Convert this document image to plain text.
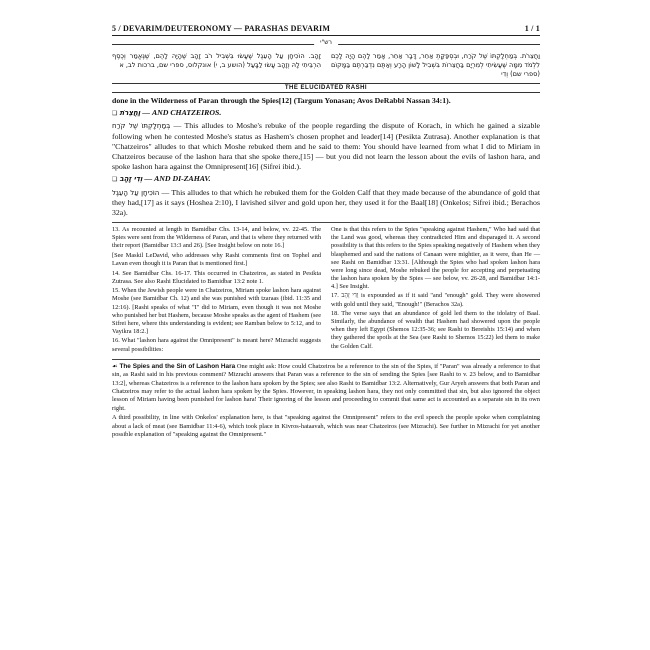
5 / DEVARIM/DEUTERONOMY — PARASHAS DEVARIM	1 / 1
רש"י

וַחֲצֵרֹת. בְּמַחְלָקְתּוֹ שֶׁל קֹרַח, וּבְסְפַּקָּתְ אַחֵר, דָּבָר אַחֵר, אָמַר לָהֶם הָיָה לָכֶם לִלְמֹד מִמָּה שֶּׁעָשִׂיתִי לְמִרְיָם בַּחֲצֵרוֹת בִּשְׁבִיל לָשׁוֹן הָרָע וְאַתֶּם נִדְבַּרְתֶּם בַּמָּקוֹם (ספרי שם) וְדִי

זָהָב. הוֹכִיחָן עַל הָעֵגֶל שֶׁעָשׂוּ בִּשְׁבִיל רֹב זָהָב שֶׁהָיָה לָהֶם, שֶׁנֶּאֱמַר וְכֶסֶף הִרְבֵּיתִי לָהּ וְזָהָב עָשׂוּ לַבָּעַל (הושע ב, י) אונקלוס, ספרי שם, ברכות לב, א

THE ELUCIDATED RASHI

done in the Wilderness of Paran through the Spies[12] (Targum Yonasan; Avos DeRabbi Nassan 34:1).

❏ וַחֲצֵרֹת — AND CHATZEIROS.

בְּמַחְלָקְתּוֹ שֶׁל קֹרַח — This alludes to Moshe's rebuke of the people regarding the dispute of Korach, in which he gained a sizable following when he contested Moshe's status as Hashem's chosen prophet and leader[14] (Pesikta Zutrasa). Another explanation is that "Chatzeiros" alludes to that which Moshe rebuked them and he said to them: You should have learned from what I did to Miriam in Chatzeiros because of the lashon hara that she spoke there,[15] — but you did not learn the lesson about the evils of lashon hara, and spoke lashon hara against the Omnipresent[16] (Sifrei ibid.).

❏ וְדִי זָהָב — AND DI-ZAHAV.

הוֹכִיחָן עַל הָעֵגֶל — This alludes to that which he rebuked them for the Golden Calf that they made because of the abundance of gold that they had,[17] as it says (Hoshea 2:10), I lavished silver and gold upon her, they used it for the Baal[18] (Onkelos; Sifrei ibid.; Berachos 32a).

13. As recounted at length in Bamidbar Chs. 13-14, and below, vv. 22-45. The Spies were sent from the Wilderness of Paran, and that is where they returned with their report (Bamidbar 13:3 and 26). [See Insight below on note 16.]

[See Maskil LeDavid, who addresses why Rashi comments first on Tophel and Lavan even though it is Paran that is mentioned first.]

14. See Bamidbar Chs. 16-17. This occurred in Chatzeiros, as stated in Pesikta Zutrasa. See also Rashi Elucidated to Bamidbar 13:2 note 1.

15. When the Jewish people were in Chatzeiros, Miriam spoke lashon hara against Moshe (see Bamidbar Ch. 12) and she was punished with tzaraas (ibid. 11:35 and 12:16). [Rashi speaks of what "I" did to Miriam, even though it was not Moshe who punished her but Hashem, because Moshe speaks as the agent of Hashem (see Sifrei here, where this understanding is evident; see Ramban below to 5:12, and to Vayikra 18:2.]

16. What "lashon hara against the Omnipresent" is meant here? Mizrachi suggests several possibilities:

One is that this refers to the Spies "speaking against Hashem," Who had said that the Land was good, whereas they contradicted Him and disparaged it. A second possibility is that this refers to the Spies speaking negatively of Hashem when they blasphemed and said the nations of Canaan were mightier, as it were, than He — see Rashi on Bamidbar 13:31. [Although the Spies who had spoken lashon hara were long since dead, Moshe rebuked the people for accepting and perpetuating the lashon hara spoken by the Spies — see below, vv. 26-28, and Bamidbar 14:1-4.] See Insight.

17. וְדִי זָהָב is expounded as if it said "and "enough" gold. They were showered with gold until they said, "Enough!" (Berachos 32a).

18. The verse says that an abundance of gold led them to the idolatry of Baal. Similarly, the abundance of wealth that Hashem had showered upon the people when they left Egypt (Shemos 12:35-36; see Rashi to Bereishis 15:14) and when they gathered the spoils at the Sea (see Rashi to Shemos 15:22) led them to make the Golden Calf.

☙ The Spies and the Sin of Lashon Hara One might ask: How could Chatzeiros be a reference to the sin of the Spies, if "Paran" was already a reference to that sin, as Rashi said in his previous comment? Mizrachi answers that Paran was a reference to the sin of sending the Spies [see Rashi to v. 23 below, and to Bamidbar 13:2], whereas Chatzeiros is a reference to the lashon hara spoken by the Spies; see also Rashi to Bamidbar 13:2. Alternatively, Gur Aryeh answers that both Paran and Chatzeiros may refer to the actual lashon hara spoken by the Spies. However, in speaking lashon hara, they not only committed that sin, but also ignored the object lesson of Miriam having been punished for lashon hara! Their ignoring of the lesson and proceeding to commit that same act is accounted as a separate sin in its own right.

A third possibility, in line with Onkelos' explanation here, is that "speaking against the Omnipresent" refers to the evil speech the people spoke when complaining about a lack of meat (see Bamidbar 11:4-6), which took place in Kivros-hataavah, which was near Chatzeiros (see Mizrachi). See further in Mizrachi for yet another possible explanation of "speaking against the Omnipresent."
